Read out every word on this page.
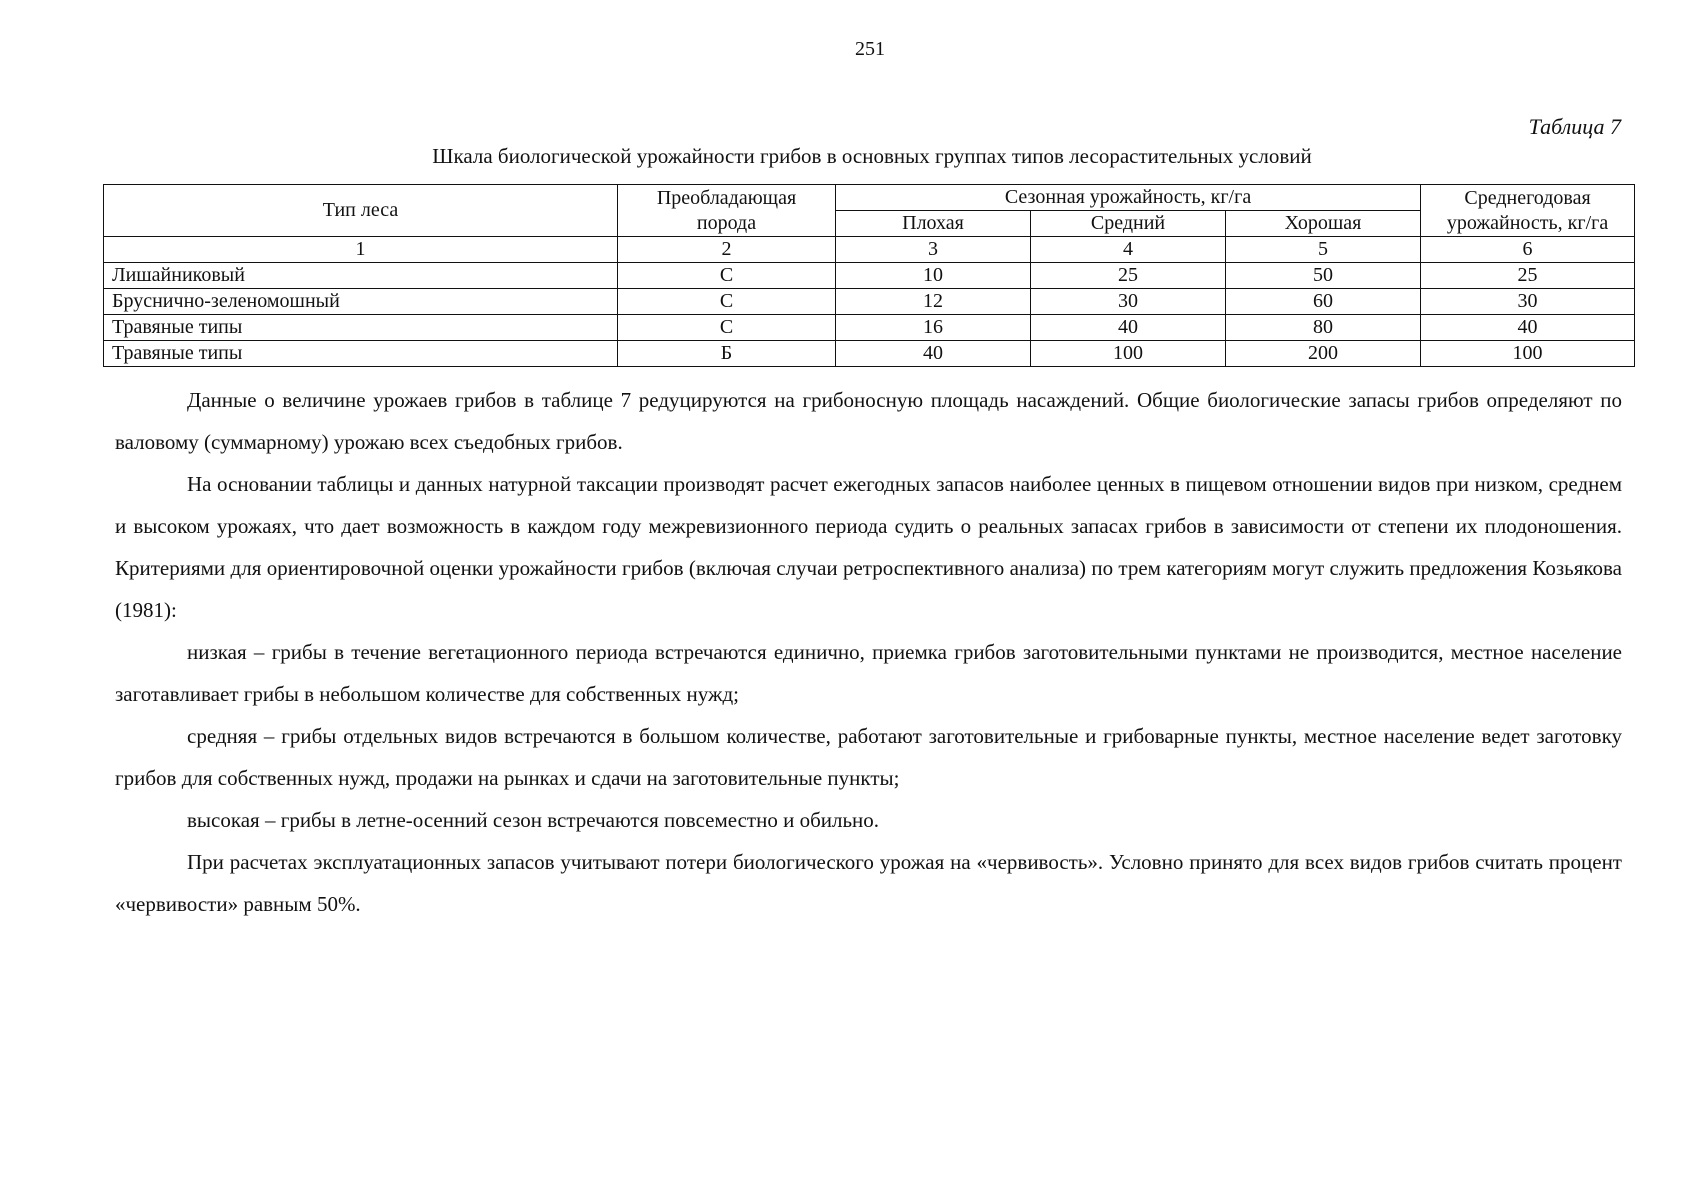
251
Таблица 7
Шкала биологической урожайности грибов в основных группах типов лесорастительных условий
Тип леса	Преобладающая порода	Сезонная урожайность, кг/га			Среднегодовая урожайность, кг/га
		Плохая	Средний	Хорошая	
1	2	3	4	5	6
Лишайниковый	С	10	25	50	25
Бруснично-зеленомошный	С	12	30	60	30
Травяные типы	С	16	40	80	40
Травяные типы	Б	40	100	200	100

Данные о величине урожаев грибов в таблице 7 редуцируются на грибоносную площадь насаждений. Общие биологические запасы грибов определяют по валовому (суммарному) урожаю всех съедобных грибов.

На основании таблицы и данных натурной таксации производят расчет ежегодных запасов наиболее ценных в пищевом отношении видов при низком, среднем и высоком урожаях, что дает возможность в каждом году межревизионного периода судить о реальных запасах грибов в зависимости от степени их плодоношения. Критериями для ориентировочной оценки урожайности грибов (включая случаи ретроспективного анализа) по трем категориям могут служить предложения Козьякова (1981):

низкая – грибы в течение вегетационного периода встречаются единично, приемка грибов заготовительными пунктами не производится, местное население заготавливает грибы в небольшом количестве для собственных нужд;

средняя – грибы отдельных видов встречаются в большом количестве, работают заготовительные и грибоварные пункты, местное население ведет заготовку грибов для собственных нужд, продажи на рынках и сдачи на заготовительные пункты;

высокая – грибы в летне-осенний сезон встречаются повсеместно и обильно.

При расчетах эксплуатационных запасов учитывают потери биологического урожая на «червивость». Условно принято для всех видов грибов считать процент «червивости» равным 50%.
